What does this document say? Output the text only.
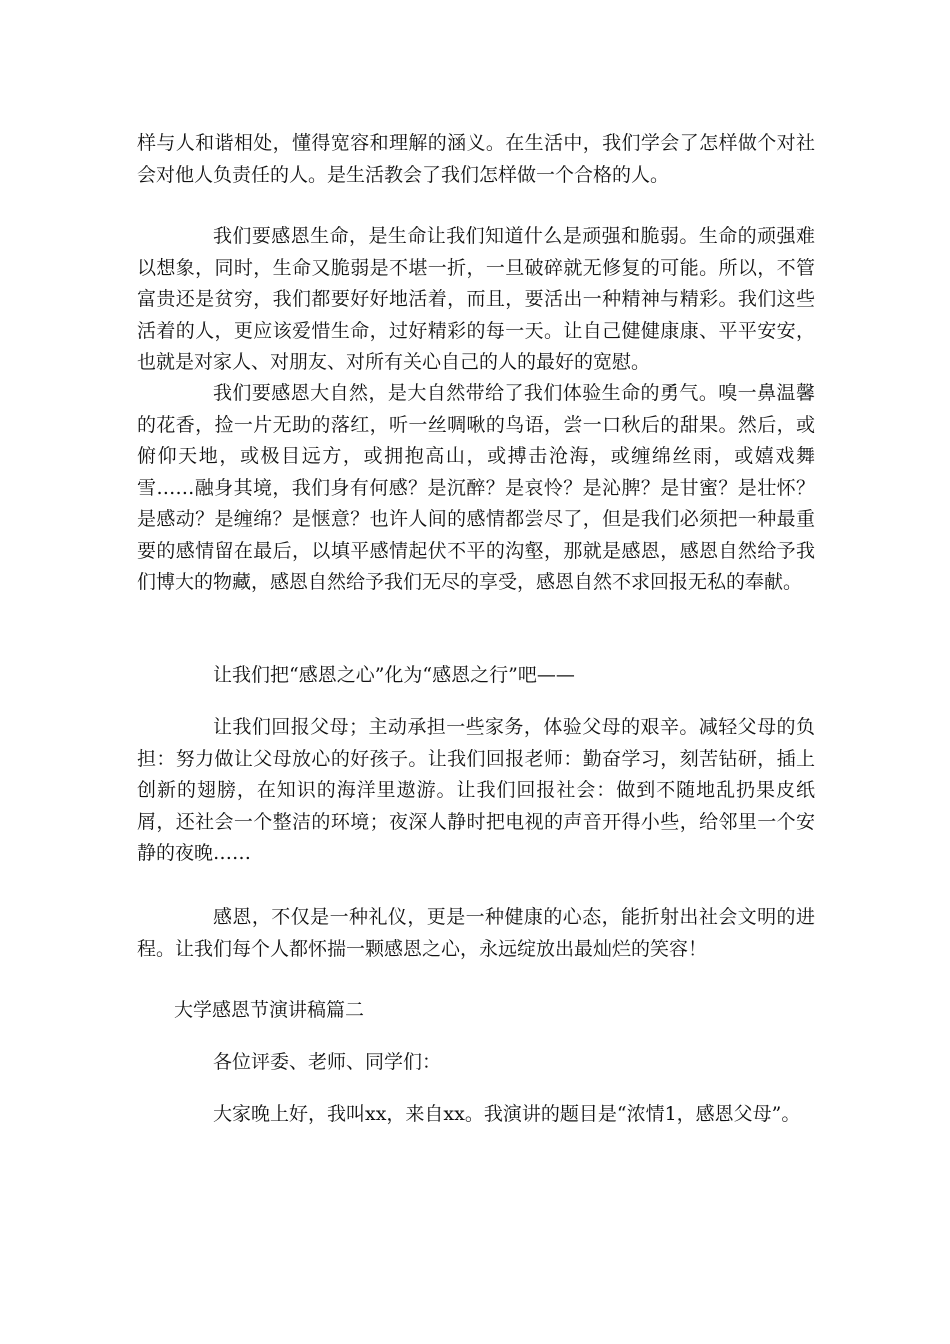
样与人和谐相处，懂得宽容和理解的涵义。在生活中，我们学会了怎样做个对社会对他人负责任的人。是生活教会了我们怎样做一个合格的人。

我们要感恩生命，是生命让我们知道什么是顽强和脆弱。生命的顽强难以想象，同时，生命又脆弱是不堪一折，一旦破碎就无修复的可能。所以，不管富贵还是贫穷，我们都要好好地活着，而且，要活出一种精神与精彩。我们这些活着的人，更应该爱惜生命，过好精彩的每一天。让自己健健康康、平平安安，也就是对家人、对朋友、对所有关心自己的人的最好的宽慰。

我们要感恩大自然，是大自然带给了我们体验生命的勇气。嗅一鼻温馨的花香，捡一片无助的落红，听一丝啁啾的鸟语，尝一口秋后的甜果。然后，或俯仰天地，或极目远方，或拥抱高山，或搏击沧海，或缠绵丝雨，或嬉戏舞雪……融身其境，我们身有何感？是沉醉？是哀怜？是沁脾？是甘蜜？是壮怀？是感动？是缠绵？是惬意？也许人间的感情都尝尽了，但是我们必须把一种最重要的感情留在最后，以填平感情起伏不平的沟壑，那就是感恩，感恩自然给予我们博大的物藏，感恩自然给予我们无尽的享受，感恩自然不求回报无私的奉献。

让我们把“感恩之心”化为“感恩之行”吧——

让我们回报父母；主动承担一些家务，体验父母的艰辛。减轻父母的负担：努力做让父母放心的好孩子。让我们回报老师：勤奋学习，刻苦钻研，插上创新的翅膀，在知识的海洋里遨游。让我们回报社会：做到不随地乱扔果皮纸屑，还社会一个整洁的环境；夜深人静时把电视的声音开得小些，给邻里一个安静的夜晚……

感恩，不仅是一种礼仪，更是一种健康的心态，能折射出社会文明的进程。让我们每个人都怀揣一颗感恩之心，永远绽放出最灿烂的笑容！

大学感恩节演讲稿篇二

各位评委、老师、同学们：

大家晚上好，我叫xx，来自xx。我演讲的题目是“浓情1，感恩父母”。
